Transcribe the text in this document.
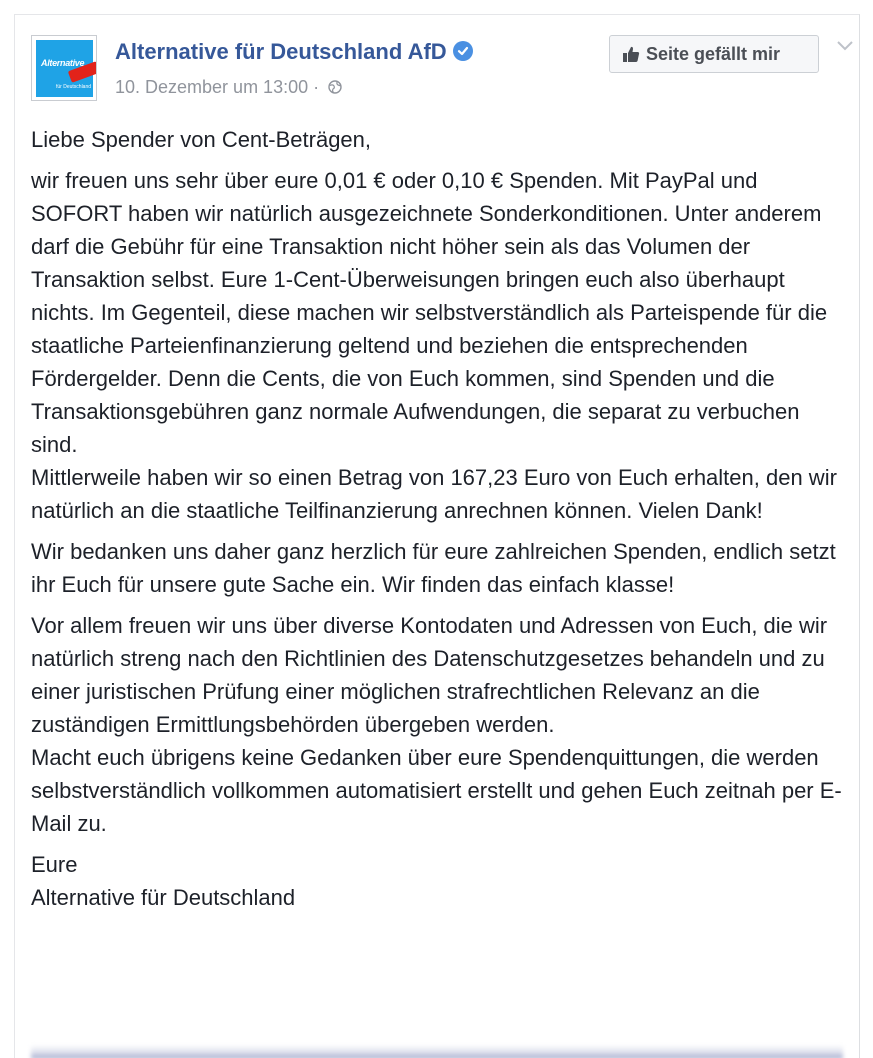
Alternative
für Deutschland
Alternative für Deutschland AfD
10. Dezember um 13:00 ·
Seite gefällt mir

Liebe Spender von Cent-Beträgen,

wir freuen uns sehr über eure 0,01 € oder 0,10 € Spenden. Mit PayPal und SOFORT haben wir natürlich ausgezeichnete Sonderkonditionen. Unter anderem darf die Gebühr für eine Transaktion nicht höher sein als das Volumen der Transaktion selbst. Eure 1-Cent-Überweisungen bringen euch also überhaupt nichts. Im Gegenteil, diese machen wir selbstverständlich als Parteispende für die staatliche Parteienfinanzierung geltend und beziehen die entsprechenden Fördergelder. Denn die Cents, die von Euch kommen, sind Spenden und die Transaktionsgebühren ganz normale Aufwendungen, die separat zu verbuchen sind.
Mittlerweile haben wir so einen Betrag von 167,23 Euro von Euch erhalten, den wir natürlich an die staatliche Teilfinanzierung anrechnen können. Vielen Dank!

Wir bedanken uns daher ganz herzlich für eure zahlreichen Spenden, endlich setzt ihr Euch für unsere gute Sache ein. Wir finden das einfach klasse!

Vor allem freuen wir uns über diverse Kontodaten und Adressen von Euch, die wir natürlich streng nach den Richtlinien des Datenschutzgesetzes behandeln und zu einer juristischen Prüfung einer möglichen strafrechtlichen Relevanz an die zuständigen Ermittlungsbehörden übergeben werden.
Macht euch übrigens keine Gedanken über eure Spendenquittungen, die werden selbstverständlich vollkommen automatisiert erstellt und gehen Euch zeitnah per E-Mail zu.

Eure
Alternative für Deutschland
